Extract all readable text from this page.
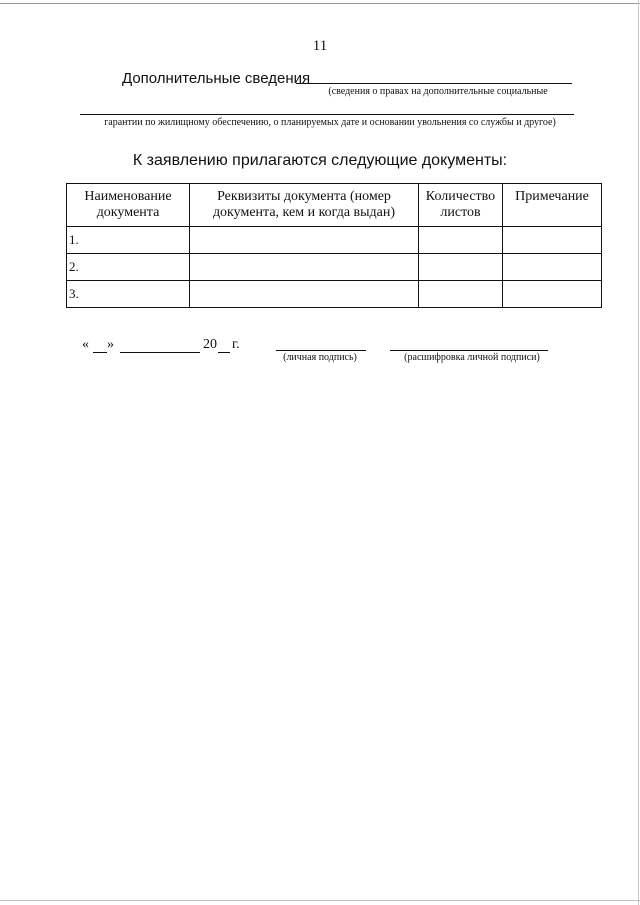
11
Дополнительные сведения
(сведения о правах на дополнительные социальные
гарантии по жилищному обеспечению, о планируемых дате и основании увольнения со службы и другое)
К заявлению прилагаются следующие документы:
Наименование документа	Реквизиты документа (номер документа, кем и когда выдан)	Количество листов	Примечание
1.			
2.			
3.			
« »	20 г.
(личная подпись)	(расшифровка личной подписи)
